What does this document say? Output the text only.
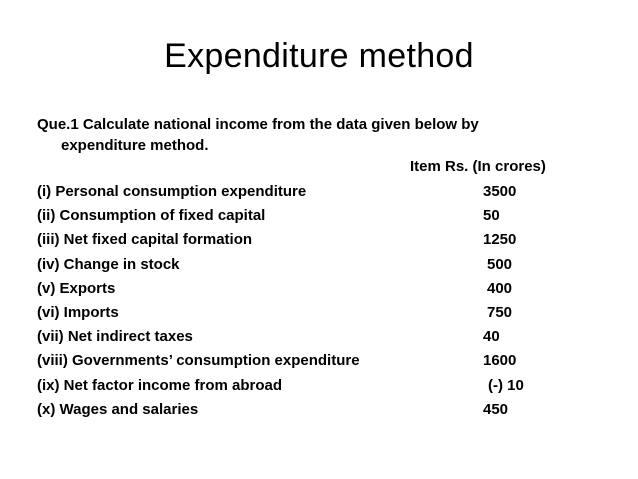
Expenditure method
Que.1 Calculate national income from the data given below by
expenditure method.
Item Rs. (In crores)
(i) Personal consumption expenditure	3500
(ii) Consumption of fixed capital	50
(iii) Net fixed capital formation	1250
(iv) Change in stock	500
(v) Exports	400
(vi) Imports	750
(vii) Net indirect taxes	40
(viii) Governments’ consumption expenditure	1600
(ix) Net factor income from abroad	(-) 10
(x) Wages and salaries	450
